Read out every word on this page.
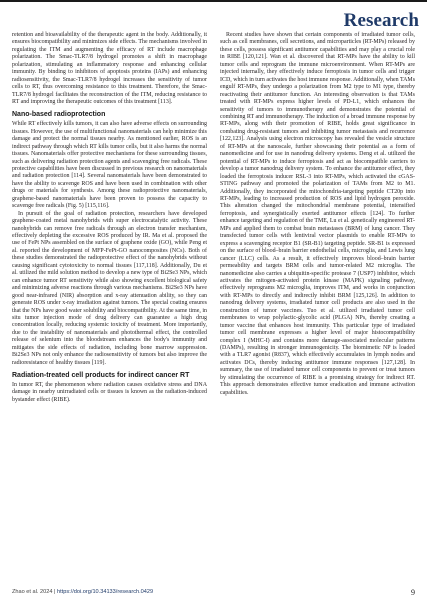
Research

retention and bioavailability of the therapeutic agent in the body. Additionally, it ensures biocompatibility and minimizes side effects. The mechanisms involved in regulating the ITM and augmenting the efficacy of RT include macrophage polarization. The Smac-TLR7/8 hydrogel promotes a shift in macrophage polarization, stimulating an inflammatory response and enhancing cellular immunity. By binding to inhibitors of apoptosis proteins (IAPs) and enhancing radiosensitivity, the Smac-TLR7/8 hydrogel increases the sensitivity of tumor cells to RT, thus overcoming resistance to this treatment. Therefore, the Smac-TLR7/8 hydrogel facilitates the reconstruction of the ITM, reducing resistance to RT and improving the therapeutic outcomes of this treatment [113].

Nano-based radioprotection

While RT effectively kills tumors, it can also have adverse effects on surrounding tissues. However, the use of multifunctional nanomaterials can help minimize this damage and protect the normal tissues nearby. As mentioned earlier, ROS is an indirect pathway through which RT kills tumor cells, but it also harms the normal tissues. Nanomaterials offer protective mechanisms for these surrounding tissues, such as delivering radiation protection agents and scavenging free radicals. These protective capabilities have been discussed in previous research on nanomaterials and radiation protection [114]. Several nanomaterials have been demonstrated to have the ability to scavenge ROS and have been used in combination with other drugs or materials for synthesis. Among these radioprotective nanomaterials, graphene-based nanomaterials have been proven to possess the capacity to scavenge free radicals (Fig. 5) [115,116].

In pursuit of the goal of radiation protection, researchers have developed graphene-coated metal nanohybrids with super electrocatalytic activity. These nanohybrids can remove free radicals through an electron transfer mechanism, effectively depleting the excessive ROS produced by IR. Ma et al. proposed the use of FePt NPs assembled on the surface of graphene oxide (GO), while Peng et al. reported the development of MFP-FePt-GO nanocomposites (NCs). Both of these studies demonstrated the radioprotective effect of the nanohybrids without causing significant cytotoxicity to normal tissues [117,118]. Additionally, Du et al. utilized the mild solution method to develop a new type of Bi2Se3 NPs, which can enhance tumor RT sensitivity while also showing excellent biological safety and minimizing adverse reactions through various mechanisms. Bi2Se3 NPs have good near-infrared (NIR) absorption and x-ray attenuation ability, so they can generate ROS under x-ray irradiation against tumors. The special coating ensures that the NPs have good water solubility and biocompatibility. At the same time, in situ tumor injection mode of drug delivery can guarantee a high drug concentration locally, reducing systemic toxicity of treatment. More importantly, due to the instability of nanomaterials and photothermal effect, the controlled release of selenium into the bloodstream enhances the body's immunity and mitigates the side effects of radiation, including bone marrow suppression. Bi2Se3 NPs not only enhance the radiosensitivity of tumors but also improve the radioresistance of healthy tissues [119].

Radiation-treated cell products for indirect cancer RT

In tumor RT, the phenomenon where radiation causes oxidative stress and DNA damage in nearby unirradiated cells or tissues is known as the radiation-induced bystander effect (RIBE).

Recent studies have shown that certain components of irradiated tumor cells, such as cell membranes, cell secretions, and microparticles (RT-MPs) released by these cells, possess significant antitumor capabilities and may play a crucial role in RIBE [120,121]. Wan et al. discovered that RT-MPs have the ability to kill tumor cells and reprogram the immune microenvironment. When RT-MPs are injected internally, they effectively induce ferroptosis in tumor cells and trigger ICD, which in turn activates the host immune response. Additionally, when TAMs engulf RT-MPs, they undergo a polarization from M2 type to M1 type, thereby reactivating their antitumor function. An interesting observation is that TAMs treated with RT-MPs express higher levels of PD-L1, which enhances the sensitivity of tumors to immunotherapy and demonstrates the potential of combining RT and immunotherapy. The induction of a broad immune response by RT-MPs, along with their promotion of RIBE, holds great significance in combating drug-resistant tumors and inhibiting tumor metastasis and recurrence [122,123]. Analysis using electron microscopy has revealed the vesicle structure of RT-MPs at the nanoscale, further showcasing their potential as a form of nanomedicine and for use in nanodrug delivery systems. Deng et al. utilized the potential of RT-MPs to induce ferroptosis and act as biocompatible carriers to develop a tumor nanodrug delivery system. To enhance the antitumor effect, they loaded the ferroptosis inducer RSL-3 into RT-MPs, which activated the cGAS-STING pathway and promoted the polarization of TAMs from M2 to M1. Additionally, they incorporated the mitochondria-targeting peptide CT20p into RT-MPs, leading to increased production of ROS and lipid hydrogen peroxide. This alteration changed the mitochondrial membrane potential, intensified ferroptosis, and synergistically exerted antitumor effects [124]. To further enhance targeting and regulation of the TME, Lu et al. genetically engineered RT-MPs and applied them to combat brain metastases (BRM) of lung cancer. They transfected tumor cells with lentiviral vector plasmids to enable RT-MPs to express a scavenging receptor B1 (SR-B1) targeting peptide. SR-B1 is expressed on the surface of blood–brain barrier endothelial cells, microglia, and Lewis lung cancer (LLC) cells. As a result, it effectively improves blood–brain barrier permeability and targets BRM cells and tumor-related M2 microglia. The nanomedicine also carries a ubiquitin-specific protease 7 (USP7) inhibitor, which activates the mitogen-activated protein kinase (MAPK) signaling pathway, effectively reprograms M2 microglia, improves ITM, and works in conjunction with RT-MPs to directly and indirectly inhibit BRM [125,126]. In addition to nanodrug delivery systems, irradiated tumor cell products are also used in the construction of tumor vaccines. Tuo et al. utilized irradiated tumor cell membranes to wrap polylactic-glycolic acid (PLGA) NPs, thereby creating a tumor vaccine that enhances host immunity. This particular type of irradiated tumor cell membrane expresses a higher level of major histocompatibility complex I (MHC-I) and contains more damage-associated molecular patterns (DAMPs), resulting in stronger immunogenicity. The biomimetic NP is loaded with a TLR7 agonist (R837), which effectively accumulates in lymph nodes and activates DCs, thereby inducing antitumor immune responses [127,128]. In summary, the use of irradiated tumor cell components to prevent or treat tumors by stimulating the occurrence of RIBE is a promising strategy for indirect RT. This approach demonstrates effective tumor eradication and immune activation capabilities.

Zhao et al. 2024 | https://doi.org/10.34133/research.0429	9
